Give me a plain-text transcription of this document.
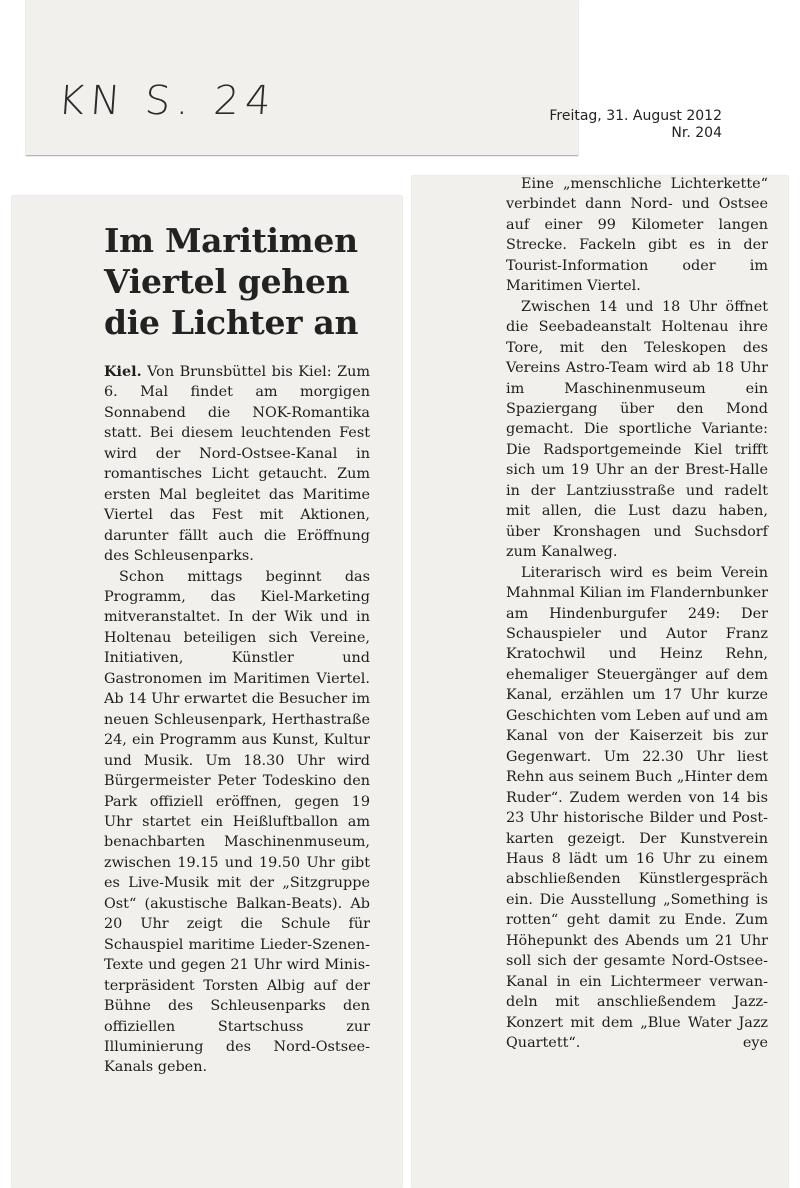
KN S. 24	Freitag, 31. August 2012
Nr. 204
Im Maritimen
Viertel gehen
die Lichter an

Kiel. Von Brunsbüttel bis Kiel: Zum 6. Mal findet am morgigen Sonnabend die NOK-Romantika statt. Bei diesem leuchtenden Fest wird der Nord-Ostsee-Kanal in romantisches Licht getaucht. Zum ersten Mal begleitet das Maritime Viertel das Fest mit Aktionen, darunter fällt auch die Eröffnung des Schleusenparks.

Schon mittags beginnt das Programm, das Kiel-Marketing mitveranstaltet. In der Wik und in Holtenau beteiligen sich Vereine, Initiativen, Künstler und Gastronomen im Maritimen Viertel. Ab 14 Uhr erwartet die Besucher im neuen Schleusenpark, Herthastraße 24, ein Programm aus Kunst, Kultur und Musik. Um 18.30 Uhr wird Bürgermeister Peter Todeskino den Park offiziell eröffnen, gegen 19 Uhr startet ein Heißluftballon am benachbarten Maschinenmuseum, zwischen 19.15 und 19.50 Uhr gibt es Live-Musik mit der „Sitzgruppe Ost“ (akustische Balkan-Beats). Ab 20 Uhr zeigt die Schule für Schauspiel maritime Lieder-Szenen-Texte und gegen 21 Uhr wird Ministerpräsident Torsten Albig auf der Bühne des Schleusenparks den offiziellen Startschuss zur Illuminierung des Nord-Ostsee-Kanals geben.

Eine „menschliche Lichterkette“ verbindet dann Nord- und Ostsee auf einer 99 Kilometer langen Strecke. Fackeln gibt es in der Tourist-Information oder im Maritimen Viertel.

Zwischen 14 und 18 Uhr öffnet die Seebadeanstalt Holtenau ihre Tore, mit den Teleskopen des Vereins Astro-Team wird ab 18 Uhr im Maschinenmuseum ein Spaziergang über den Mond gemacht. Die sportliche Variante: Die Radsportgemeinde Kiel trifft sich um 19 Uhr an der Brest-Halle in der Lantziusstraße und radelt mit allen, die Lust dazu haben, über Kronshagen und Suchsdorf zum Kanalweg.

Literarisch wird es beim Verein Mahnmal Kilian im Flandernbunker am Hindenburgufer 249: Der Schauspieler und Autor Franz Kratochwil und Heinz Rehn, ehemaliger Steuergänger auf dem Kanal, erzählen um 17 Uhr kurze Geschichten vom Leben auf und am Kanal von der Kaiserzeit bis zur Gegenwart. Um 22.30 Uhr liest Rehn aus seinem Buch „Hinter dem Ruder“. Zudem werden von 14 bis 23 Uhr historische Bilder und Postkarten gezeigt. Der Kunstverein Haus 8 lädt um 16 Uhr zu einem abschließenden Künstlergespräch ein. Die Ausstellung „Something is rotten“ geht damit zu Ende. Zum Höhepunkt des Abends um 21 Uhr soll sich der gesamte Nord-Ostsee-Kanal in ein Lichtermeer verwandeln mit anschließendem Jazz-Konzert mit dem „Blue Water Jazz Quartett“.	eye
